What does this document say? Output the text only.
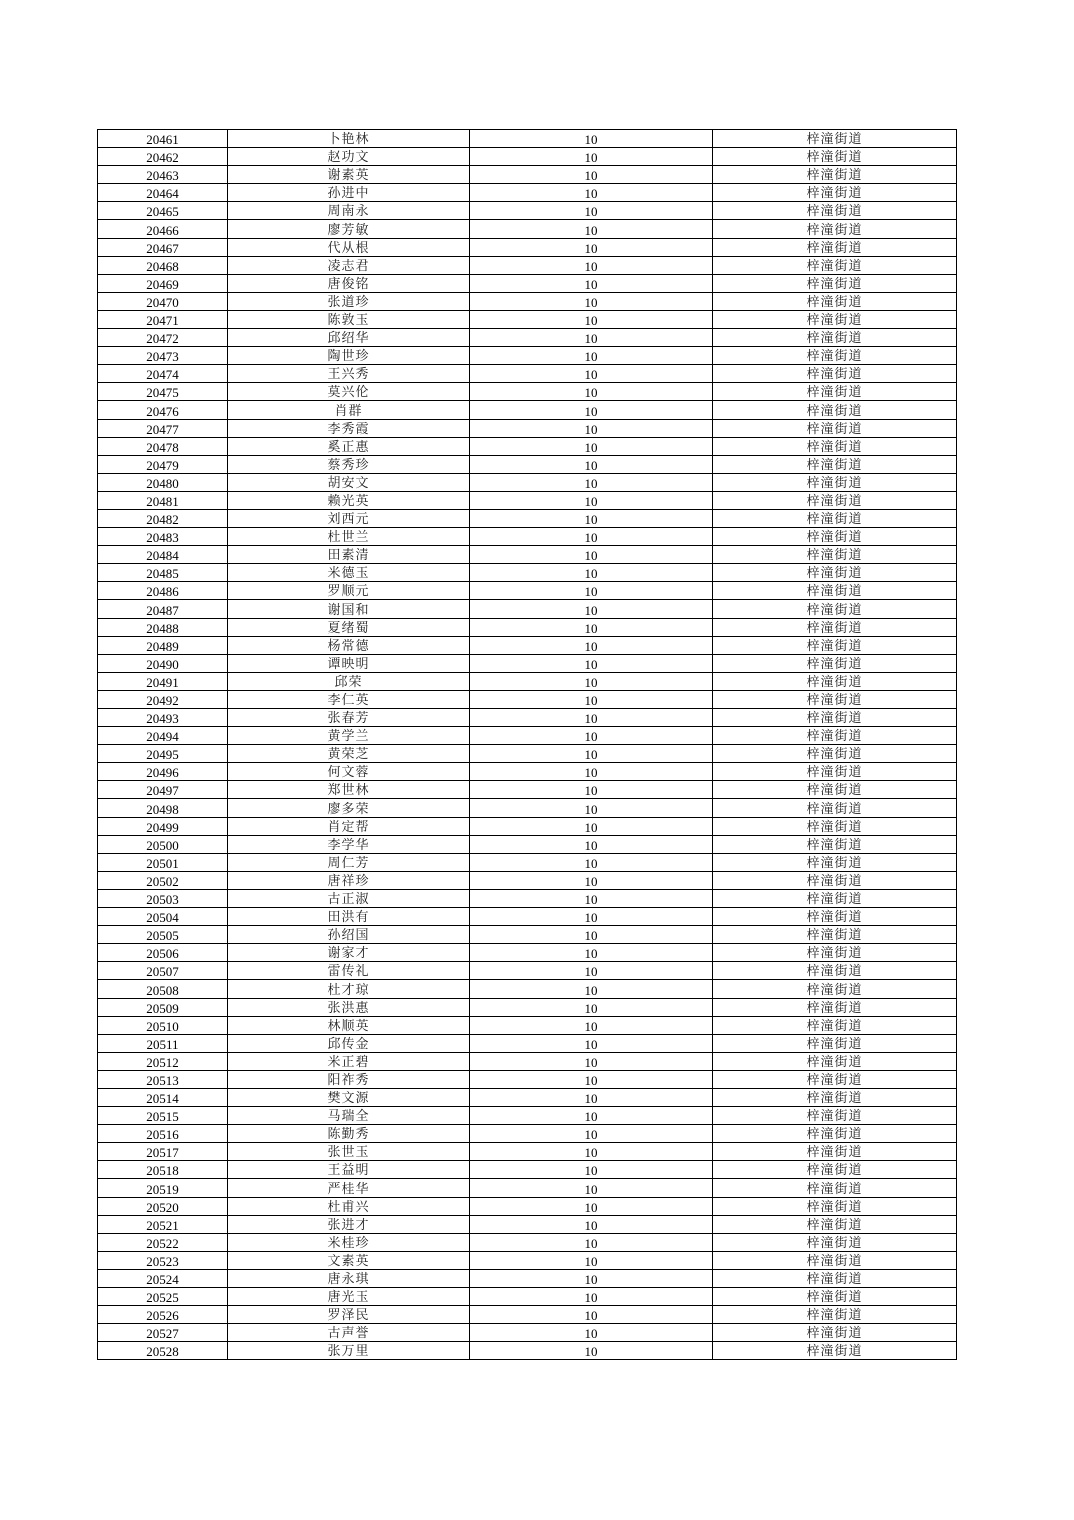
20461	卜艳林	10	梓潼街道
20462	赵功文	10	梓潼街道
20463	谢素英	10	梓潼街道
20464	孙进中	10	梓潼街道
20465	周南永	10	梓潼街道
20466	廖芳敏	10	梓潼街道
20467	代从根	10	梓潼街道
20468	凌志君	10	梓潼街道
20469	唐俊铭	10	梓潼街道
20470	张道珍	10	梓潼街道
20471	陈敦玉	10	梓潼街道
20472	邱绍华	10	梓潼街道
20473	陶世珍	10	梓潼街道
20474	王兴秀	10	梓潼街道
20475	莫兴伦	10	梓潼街道
20476	肖群	10	梓潼街道
20477	李秀霞	10	梓潼街道
20478	奚正惠	10	梓潼街道
20479	蔡秀珍	10	梓潼街道
20480	胡安文	10	梓潼街道
20481	赖光英	10	梓潼街道
20482	刘西元	10	梓潼街道
20483	杜世兰	10	梓潼街道
20484	田素清	10	梓潼街道
20485	米德玉	10	梓潼街道
20486	罗顺元	10	梓潼街道
20487	谢国和	10	梓潼街道
20488	夏绪蜀	10	梓潼街道
20489	杨常德	10	梓潼街道
20490	谭映明	10	梓潼街道
20491	邱荣	10	梓潼街道
20492	李仁英	10	梓潼街道
20493	张春芳	10	梓潼街道
20494	黄学兰	10	梓潼街道
20495	黄荣芝	10	梓潼街道
20496	何文蓉	10	梓潼街道
20497	郑世林	10	梓潼街道
20498	廖多荣	10	梓潼街道
20499	肖定帮	10	梓潼街道
20500	李学华	10	梓潼街道
20501	周仁芳	10	梓潼街道
20502	唐祥珍	10	梓潼街道
20503	古正淑	10	梓潼街道
20504	田洪有	10	梓潼街道
20505	孙绍国	10	梓潼街道
20506	谢家才	10	梓潼街道
20507	雷传礼	10	梓潼街道
20508	杜才琼	10	梓潼街道
20509	张洪惠	10	梓潼街道
20510	林顺英	10	梓潼街道
20511	邱传金	10	梓潼街道
20512	米正碧	10	梓潼街道
20513	阳祚秀	10	梓潼街道
20514	樊文源	10	梓潼街道
20515	马瑞全	10	梓潼街道
20516	陈勤秀	10	梓潼街道
20517	张世玉	10	梓潼街道
20518	王益明	10	梓潼街道
20519	严桂华	10	梓潼街道
20520	杜甫兴	10	梓潼街道
20521	张进才	10	梓潼街道
20522	米桂珍	10	梓潼街道
20523	文素英	10	梓潼街道
20524	唐永琪	10	梓潼街道
20525	唐光玉	10	梓潼街道
20526	罗泽民	10	梓潼街道
20527	古声誉	10	梓潼街道
20528	张万里	10	梓潼街道
